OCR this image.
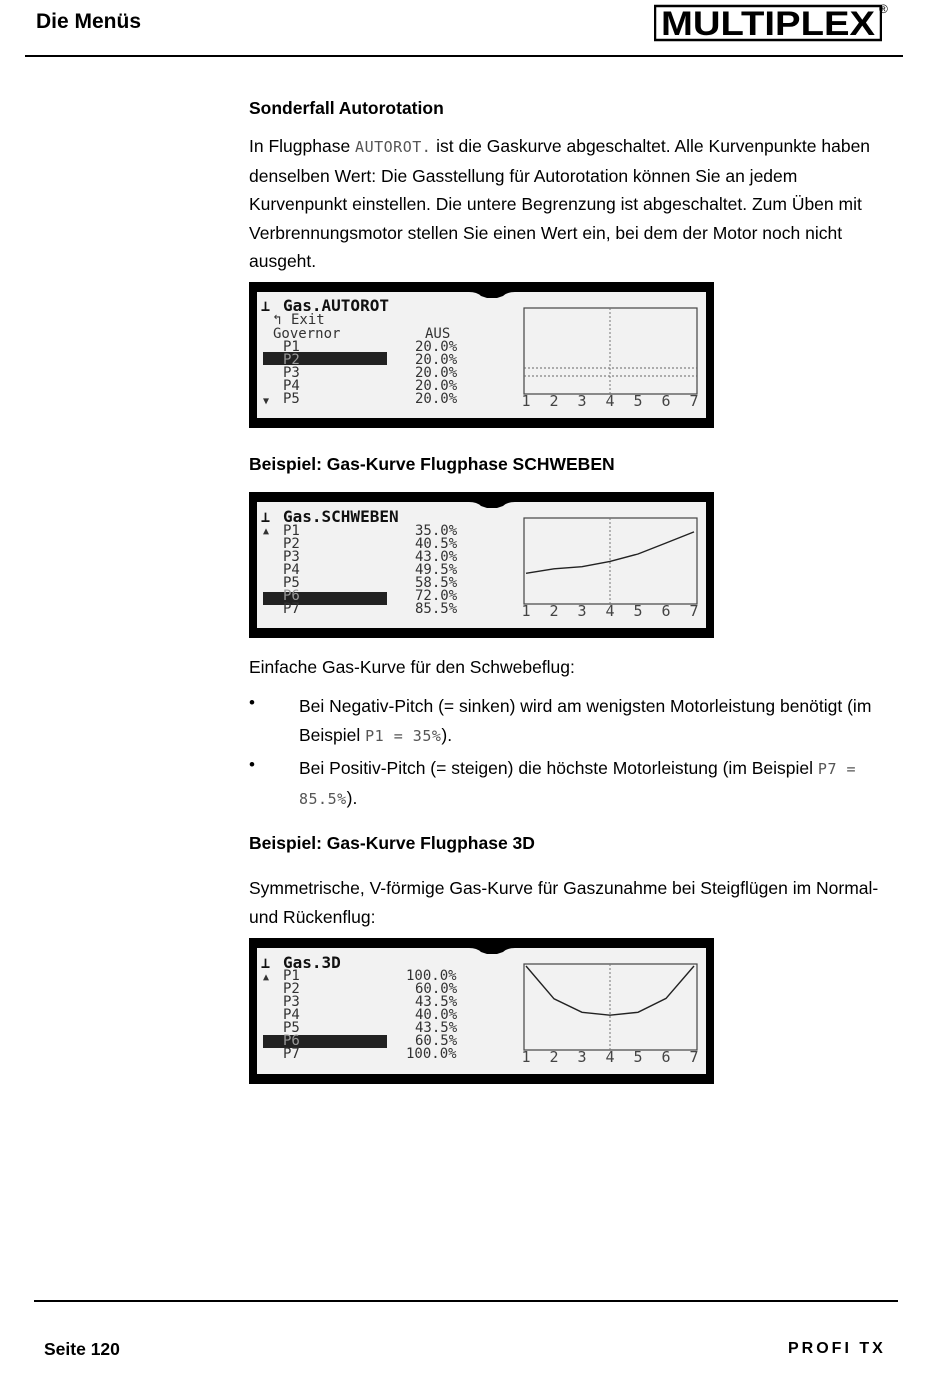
Die Menüs	MULTIPLEX ®
Sonderfall Autorotation
In Flugphase AUTOROT. ist die Gaskurve abgeschaltet. Alle Kurvenpunkte haben
denselben Wert: Die Gasstellung für Autorotation können Sie an jedem
Kurvenpunkt einstellen. Die untere Begrenzung ist abgeschaltet. Zum Üben mit
Verbrennungsmotor stellen Sie einen Wert ein, bei dem der Motor noch nicht
ausgeht.
⊥ Gas.AUTOROT
↰ Exit
Governor	AUS
P1	20.0%
P2	20.0%
P3	20.0%
P4	20.0%
P5	20.0%
▼	1 2 3 4 5 6 7
Beispiel: Gas-Kurve Flugphase SCHWEBEN
⊥ Gas.SCHWEBEN
▲ P1	35.0%
P2	40.5%
P3	43.0%
P4	49.5%
P5	58.5%
P6	72.0%
P7	85.5%	1 2 3 4 5 6 7
Einfache Gas-Kurve für den Schwebeflug:
•	Bei Negativ-Pitch (= sinken) wird am wenigsten Motorleistung benötigt (im
Beispiel P1 = 35%).
•	Bei Positiv-Pitch (= steigen) die höchste Motorleistung (im Beispiel P7 =
85.5%).
Beispiel: Gas-Kurve Flugphase 3D
Symmetrische, V-förmige Gas-Kurve für Gaszunahme bei Steigflügen im Normal-
und Rückenflug:
⊥ Gas.3D
▲ P1	100.0%
P2	60.0%
P3	43.5%
P4	40.0%
P5	43.5%
P6	60.5%
P7	100.0%	1 2 3 4 5 6 7
Seite 120	PROFI TX
